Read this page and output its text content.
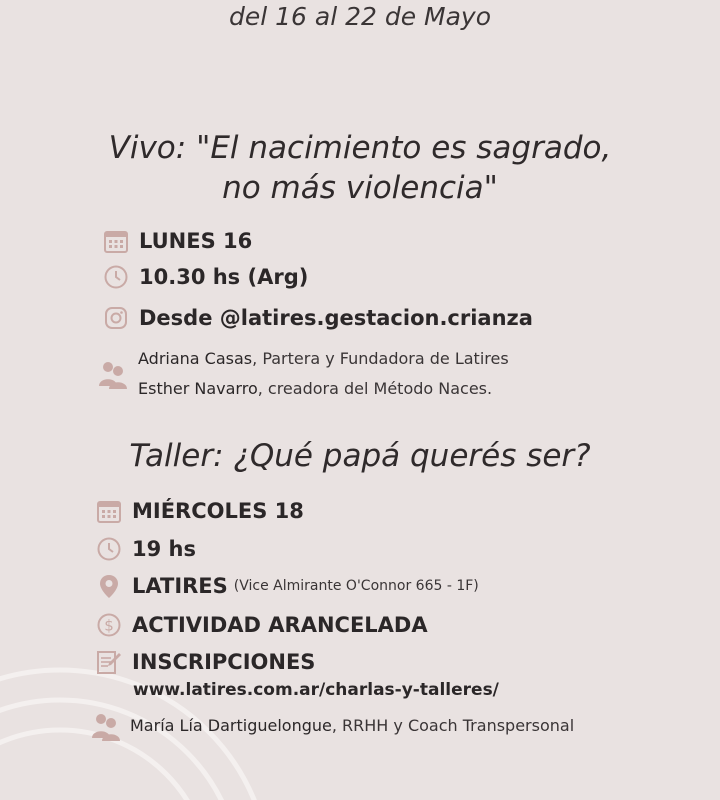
del 16 al 22 de Mayo
Vivo: "El nacimiento es sagrado,
no más violencia"
LUNES 16
10.30 hs (Arg)
Desde @latires.gestacion.crianza
Adriana Casas, Partera y Fundadora de Latires
Esther Navarro, creadora del Método Naces.
Taller: ¿Qué papá querés ser?
MIÉRCOLES 18
19 hs
LATIRES (Vice Almirante O'Connor 665 - 1F)
$ ACTIVIDAD ARANCELADA
INSCRIPCIONES
www.latires.com.ar/charlas-y-talleres/
María Lía Dartiguelongue, RRHH y Coach Transpersonal
